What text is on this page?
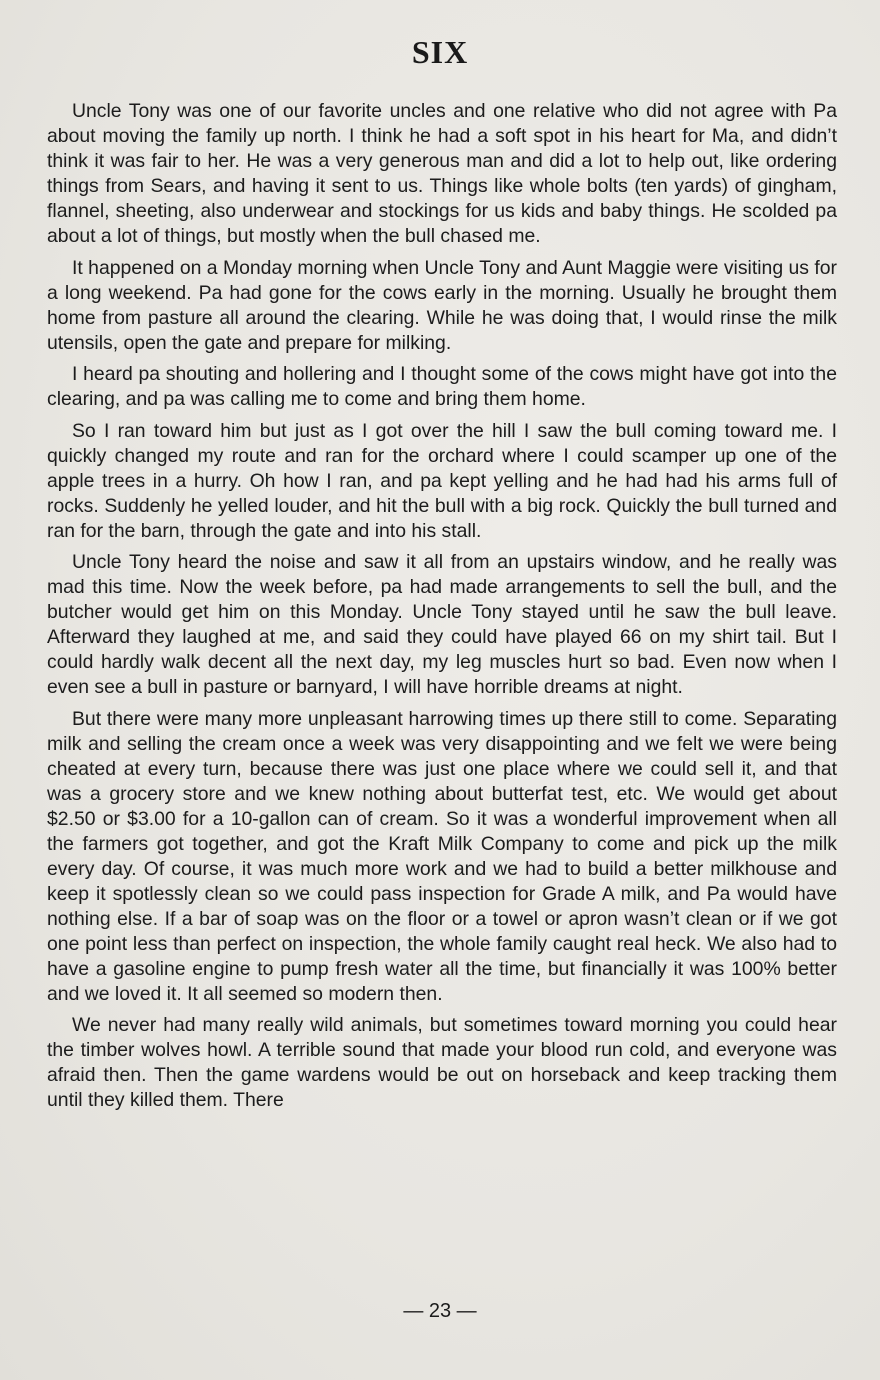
SIX

Uncle Tony was one of our favorite uncles and one relative who did not agree with Pa about moving the family up north. I think he had a soft spot in his heart for Ma, and didn’t think it was fair to her. He was a very generous man and did a lot to help out, like ordering things from Sears, and having it sent to us. Things like whole bolts (ten yards) of gingham, flannel, sheeting, also underwear and stockings for us kids and baby things. He scolded pa about a lot of things, but mostly when the bull chased me.

It happened on a Monday morning when Uncle Tony and Aunt Maggie were visiting us for a long weekend. Pa had gone for the cows early in the morning. Usually he brought them home from pasture all around the clearing. While he was doing that, I would rinse the milk utensils, open the gate and prepare for milking.

I heard pa shouting and hollering and I thought some of the cows might have got into the clearing, and pa was calling me to come and bring them home.

So I ran toward him but just as I got over the hill I saw the bull coming toward me. I quickly changed my route and ran for the orchard where I could scamper up one of the apple trees in a hurry. Oh how I ran, and pa kept yelling and he had had his arms full of rocks. Suddenly he yelled louder, and hit the bull with a big rock. Quickly the bull turned and ran for the barn, through the gate and into his stall.

Uncle Tony heard the noise and saw it all from an upstairs window, and he really was mad this time. Now the week before, pa had made arrangements to sell the bull, and the butcher would get him on this Monday. Uncle Tony stayed until he saw the bull leave. Afterward they laughed at me, and said they could have played 66 on my shirt tail. But I could hardly walk decent all the next day, my leg muscles hurt so bad. Even now when I even see a bull in pasture or barnyard, I will have horrible dreams at night.

But there were many more unpleasant harrowing times up there still to come. Separating milk and selling the cream once a week was very disappointing and we felt we were being cheated at every turn, because there was just one place where we could sell it, and that was a grocery store and we knew nothing about butterfat test, etc. We would get about $2.50 or $3.00 for a 10-gallon can of cream. So it was a wonderful improvement when all the farmers got together, and got the Kraft Milk Company to come and pick up the milk every day. Of course, it was much more work and we had to build a better milkhouse and keep it spotlessly clean so we could pass inspection for Grade A milk, and Pa would have nothing else. If a bar of soap was on the floor or a towel or apron wasn’t clean or if we got one point less than perfect on inspection, the whole family caught real heck. We also had to have a gasoline engine to pump fresh water all the time, but financially it was 100% better and we loved it. It all seemed so modern then.

We never had many really wild animals, but sometimes toward morning you could hear the timber wolves howl. A terrible sound that made your blood run cold, and everyone was afraid then. Then the game wardens would be out on horseback and keep tracking them until they killed them. There

— 23 —
